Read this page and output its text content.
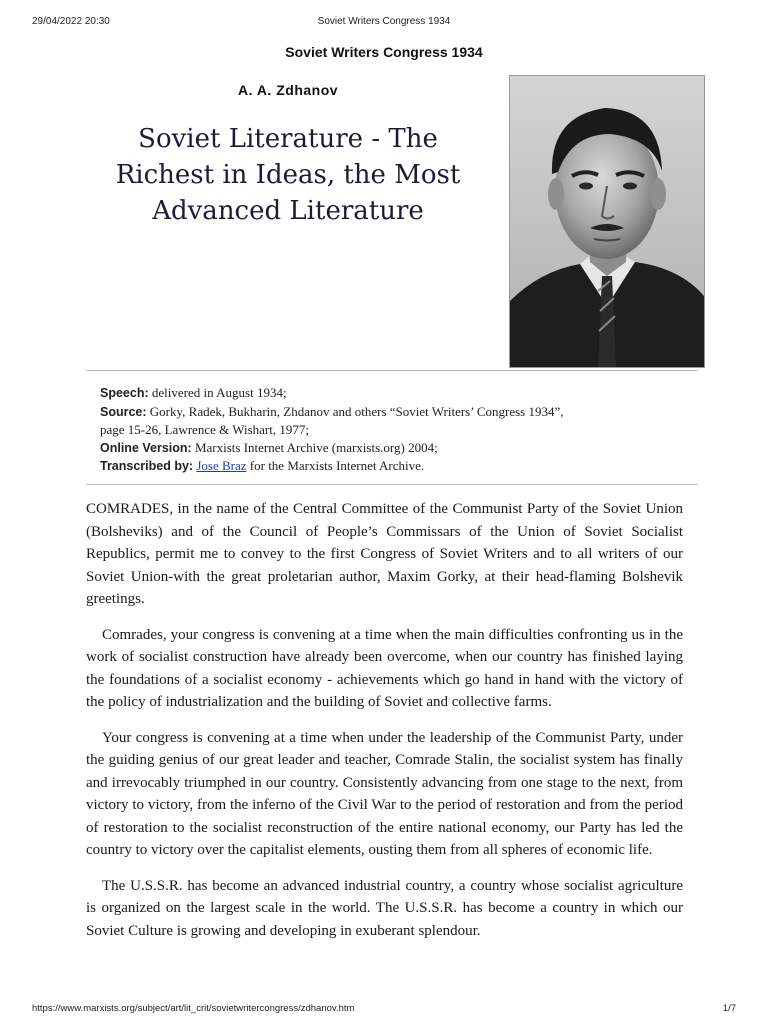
29/04/2022 20:30	Soviet Writers Congress 1934
Soviet Writers Congress 1934
A. A. Zdhanov
Soviet Literature - The Richest in Ideas, the Most Advanced Literature
Speech: delivered in August 1934;
Source: Gorky, Radek, Bukharin, Zhdanov and others “Soviet Writers’ Congress 1934”,
page 15-26, Lawrence & Wishart, 1977;
Online Version: Marxists Internet Archive (marxists.org) 2004;
Transcribed by: Jose Braz for the Marxists Internet Archive.

COMRADES, in the name of the Central Committee of the Communist Party of the Soviet Union (Bolsheviks) and of the Council of People’s Commissars of the Union of Soviet Socialist Republics, permit me to convey to the first Congress of Soviet Writers and to all writers of our Soviet Union-with the great proletarian author, Maxim Gorky, at their head-flaming Bolshevik greetings.

Comrades, your congress is convening at a time when the main difficulties confronting us in the work of socialist construction have already been overcome, when our country has finished laying the foundations of a socialist economy - achievements which go hand in hand with the victory of the policy of industrialization and the building of Soviet and collective farms.

Your congress is convening at a time when under the leadership of the Communist Party, under the guiding genius of our great leader and teacher, Comrade Stalin, the socialist system has finally and irrevocably triumphed in our country. Consistently advancing from one stage to the next, from victory to victory, from the inferno of the Civil War to the period of restoration and from the period of restoration to the socialist reconstruction of the entire national economy, our Party has led the country to victory over the capitalist elements, ousting them from all spheres of economic life.

The U.S.S.R. has become an advanced industrial country, a country whose socialist agriculture is organized on the largest scale in the world. The U.S.S.R. has become a country in which our Soviet Culture is growing and developing in exuberant splendour.

https://www.marxists.org/subject/art/lit_crit/sovietwritercongress/zdhanov.htm	1/7
